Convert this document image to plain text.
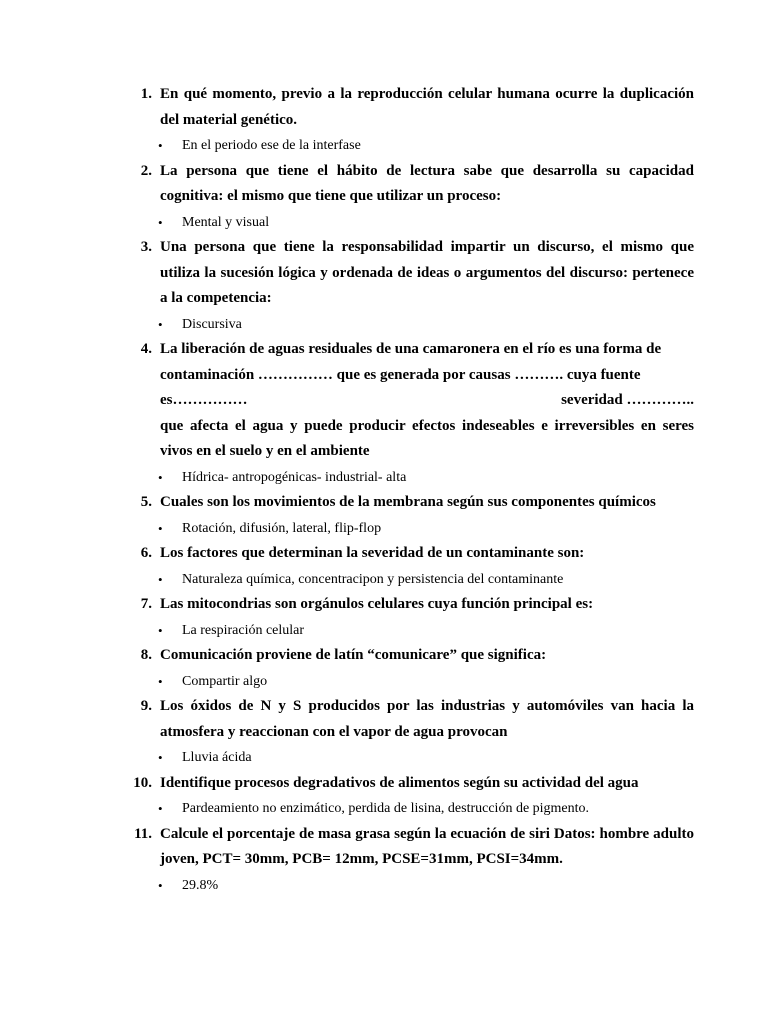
1. En qué momento, previo a la reproducción celular humana ocurre la duplicación del material genético.
• En el periodo ese de la interfase
2. La persona que tiene el hábito de lectura sabe que desarrolla su capacidad cognitiva: el mismo que tiene que utilizar un proceso:
• Mental y visual
3. Una persona que tiene la responsabilidad impartir un discurso, el mismo que utiliza la sucesión lógica y ordenada de ideas o argumentos del discurso: pertenece a la competencia:
• Discursiva
4. La liberación de aguas residuales de una camaronera en el río es una forma de
contaminación …………… que es generada por causas ………. cuya fuente
es……………	severidad …………..
que afecta el agua y puede producir efectos indeseables e irreversibles en seres vivos en el suelo y en el ambiente
• Hídrica- antropogénicas- industrial- alta
5. Cuales son los movimientos de la membrana según sus componentes químicos
• Rotación, difusión, lateral, flip-flop
6. Los factores que determinan la severidad de un contaminante son:
• Naturaleza química, concentracipon y persistencia del contaminante
7. Las mitocondrias son orgánulos celulares cuya función principal es:
• La respiración celular
8. Comunicación proviene de latín “comunicare” que significa:
• Compartir algo
9. Los óxidos de N y S producidos por las industrias y automóviles van hacia la atmosfera y reaccionan con el vapor de agua provocan
• Lluvia ácida
10. Identifique procesos degradativos de alimentos según su actividad del agua
• Pardeamiento no enzimático, perdida de lisina, destrucción de pigmento.
11. Calcule el porcentaje de masa grasa según la ecuación de siri Datos: hombre adulto joven, PCT= 30mm, PCB= 12mm, PCSE=31mm, PCSI=34mm.
• 29.8%
